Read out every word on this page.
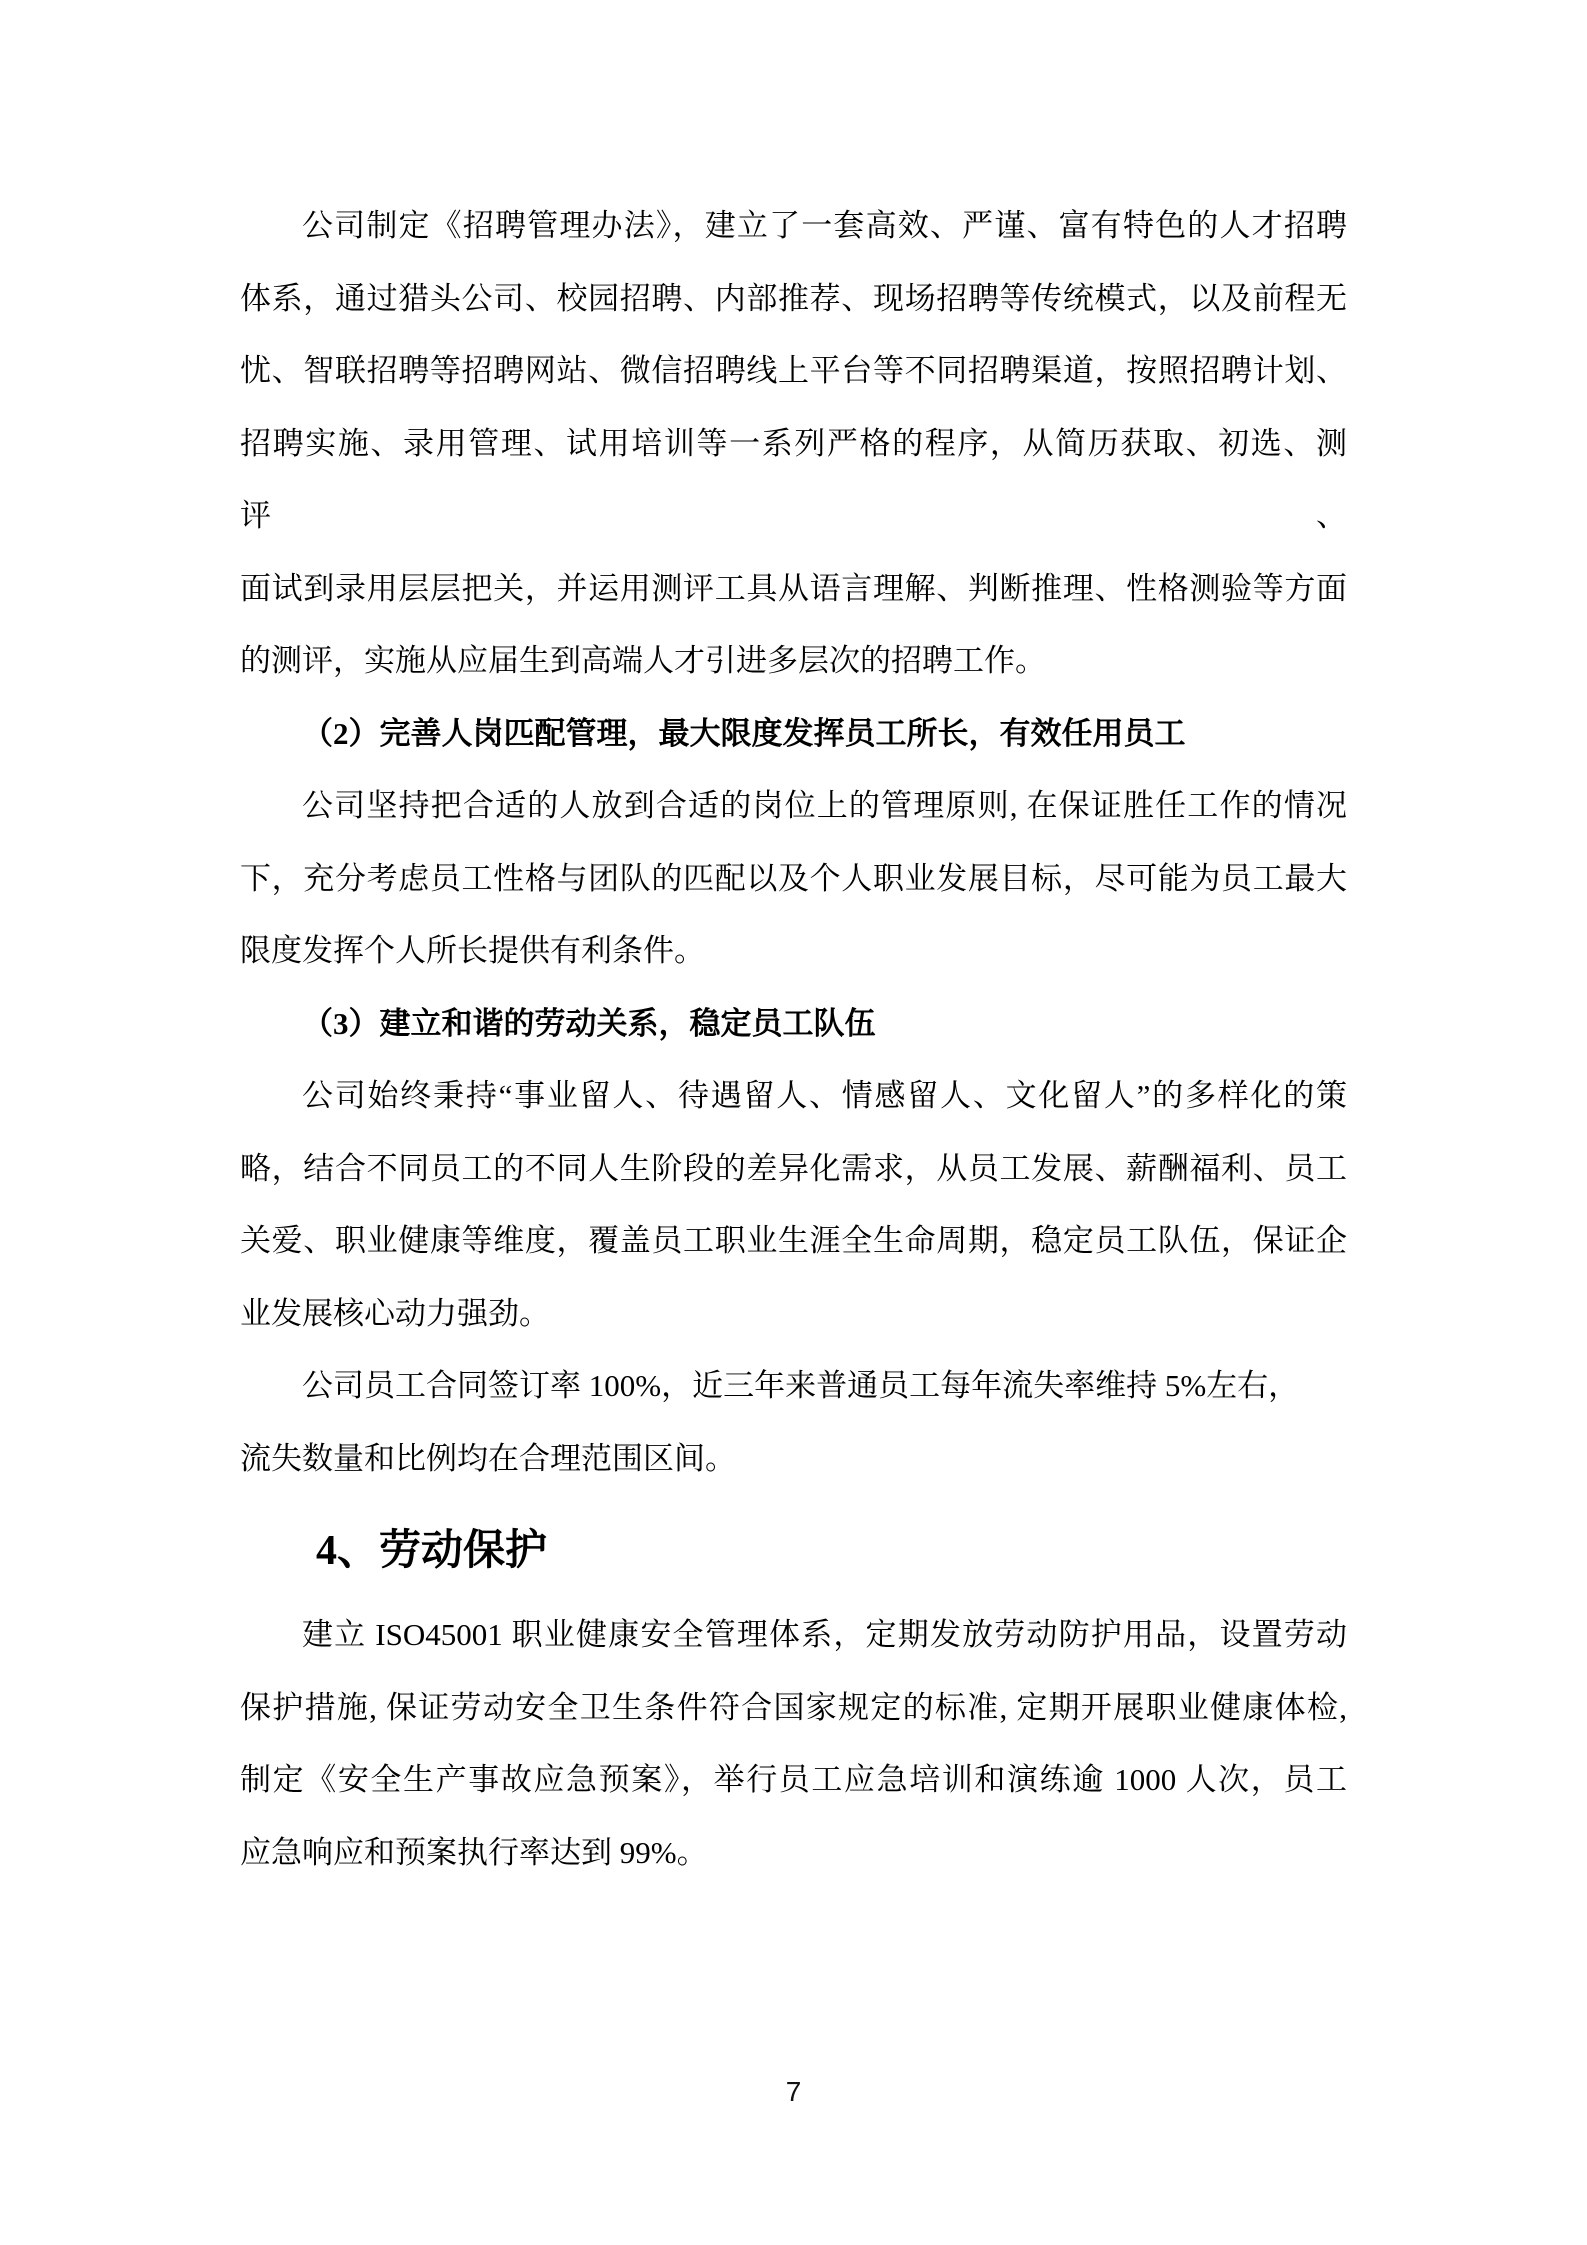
公司制定《招聘管理办法》，建立了一套高效、严谨、富有特色的人才招聘
体系，通过猎头公司、校园招聘、内部推荐、现场招聘等传统模式，以及前程无
忧、智联招聘等招聘网站、微信招聘线上平台等不同招聘渠道，按照招聘计划、
招聘实施、录用管理、试用培训等一系列严格的程序，从简历获取、初选、测评、
面试到录用层层把关，并运用测评工具从语言理解、判断推理、性格测验等方面
的测评，实施从应届生到高端人才引进多层次的招聘工作。
（2）完善人岗匹配管理，最大限度发挥员工所长，有效任用员工
公司坚持把合适的人放到合适的岗位上的管理原则, 在保证胜任工作的情况
下，充分考虑员工性格与团队的匹配以及个人职业发展目标，尽可能为员工最大
限度发挥个人所长提供有利条件。
（3）建立和谐的劳动关系，稳定员工队伍
公司始终秉持“事业留人、待遇留人、情感留人、文化留人”的多样化的策
略，结合不同员工的不同人生阶段的差异化需求，从员工发展、薪酬福利、员工
关爱、职业健康等维度，覆盖员工职业生涯全生命周期，稳定员工队伍，保证企
业发展核心动力强劲。
公司员工合同签订率 100%，近三年来普通员工每年流失率维持 5%左右，
流失数量和比例均在合理范围区间。
4、劳动保护
建立 ISO45001 职业健康安全管理体系，定期发放劳动防护用品，设置劳动
保护措施, 保证劳动安全卫生条件符合国家规定的标准, 定期开展职业健康体检,
制定《安全生产事故应急预案》，举行员工应急培训和演练逾 1000 人次，员工
应急响应和预案执行率达到 99%。
7
